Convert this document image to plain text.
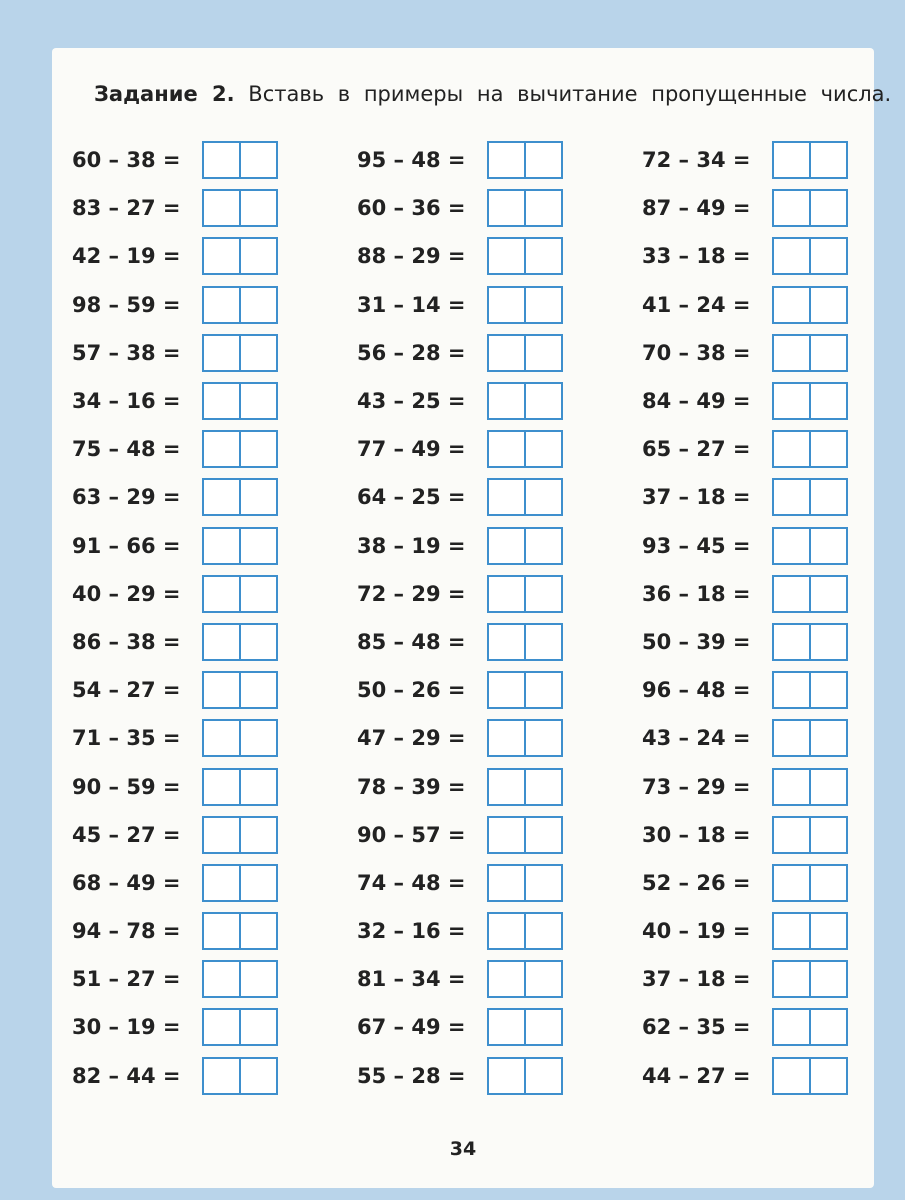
Задание 2. Вставь в примеры на вычитание пропущенные числа.
60 – 38 =
83 – 27 =
42 – 19 =
98 – 59 =
57 – 38 =
34 – 16 =
75 – 48 =
63 – 29 =
91 – 66 =
40 – 29 =
86 – 38 =
54 – 27 =
71 – 35 =
90 – 59 =
45 – 27 =
68 – 49 =
94 – 78 =
51 – 27 =
30 – 19 =
82 – 44 =
95 – 48 =
60 – 36 =
88 – 29 =
31 – 14 =
56 – 28 =
43 – 25 =
77 – 49 =
64 – 25 =
38 – 19 =
72 – 29 =
85 – 48 =
50 – 26 =
47 – 29 =
78 – 39 =
90 – 57 =
74 – 48 =
32 – 16 =
81 – 34 =
67 – 49 =
55 – 28 =
72 – 34 =
87 – 49 =
33 – 18 =
41 – 24 =
70 – 38 =
84 – 49 =
65 – 27 =
37 – 18 =
93 – 45 =
36 – 18 =
50 – 39 =
96 – 48 =
43 – 24 =
73 – 29 =
30 – 18 =
52 – 26 =
40 – 19 =
37 – 18 =
62 – 35 =
44 – 27 =
34
